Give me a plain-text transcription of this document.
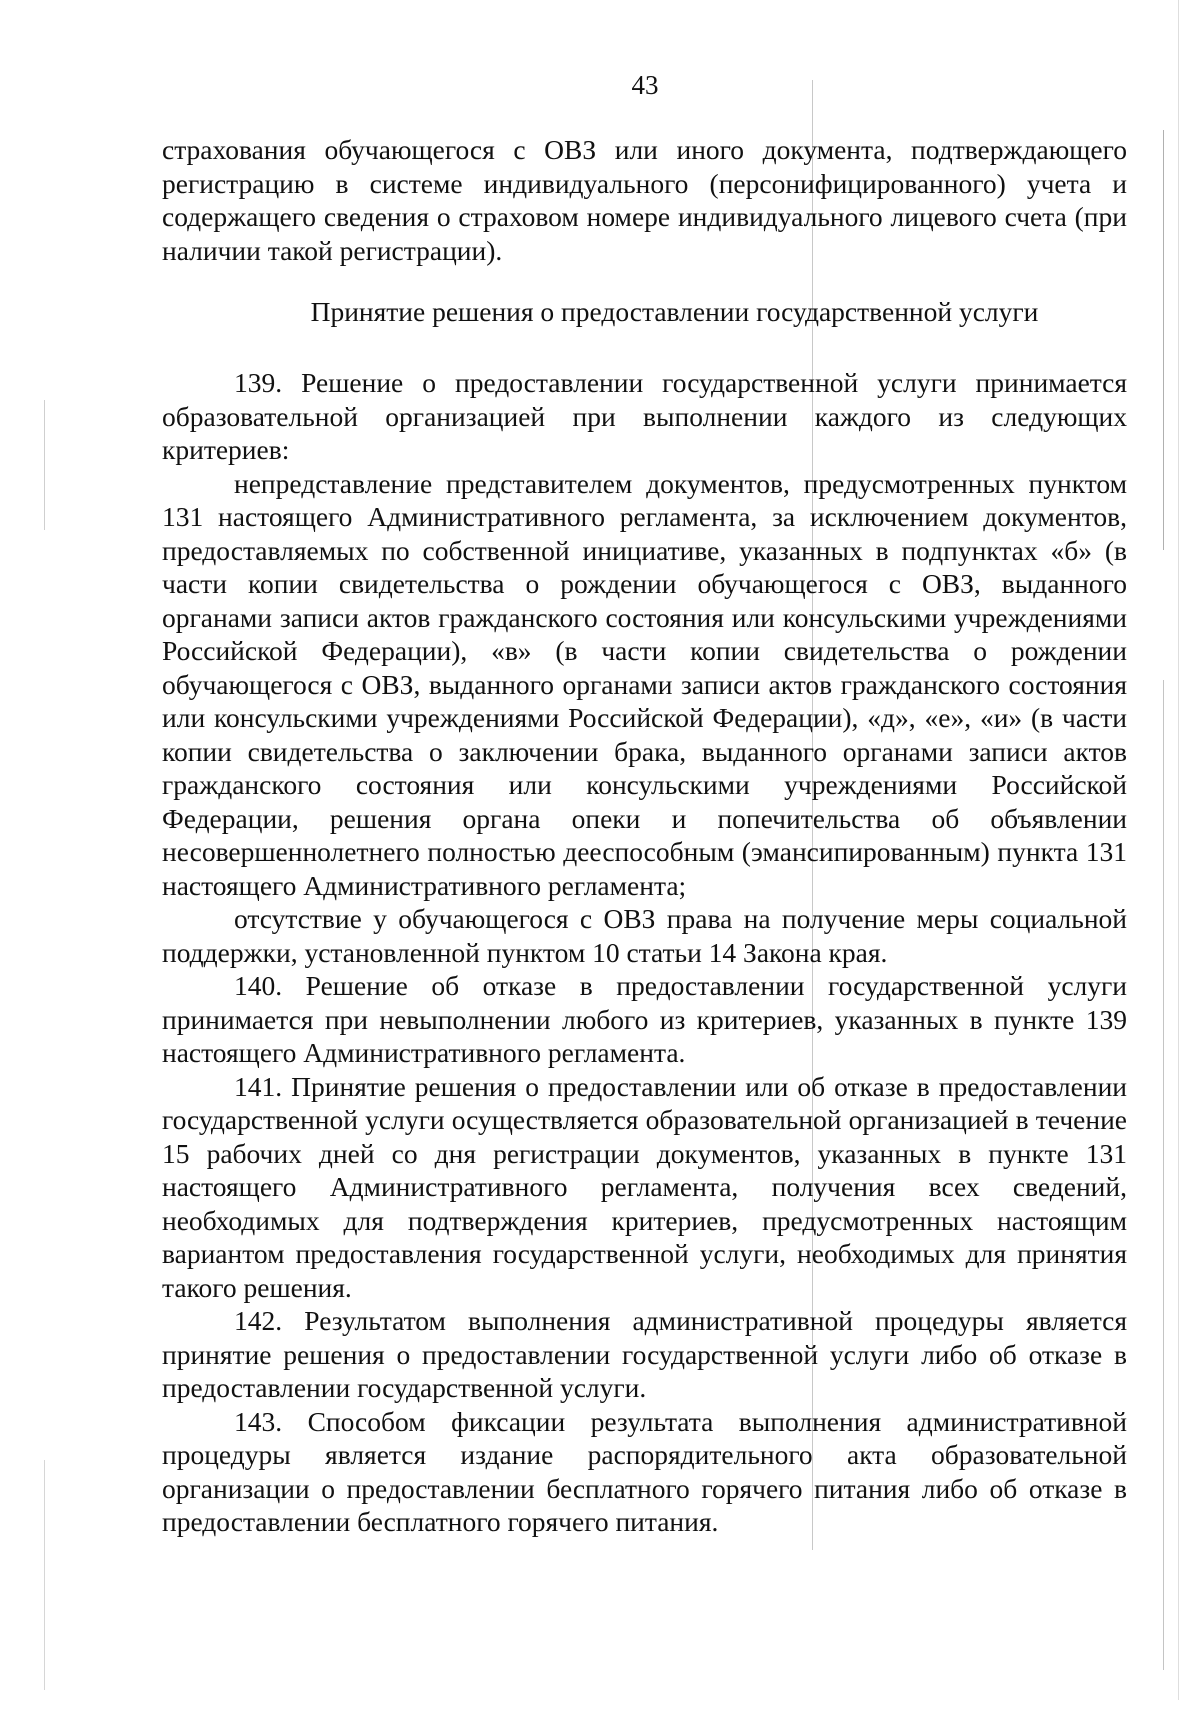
43

страхования обучающегося с ОВЗ или иного документа, подтверждающего регистрацию в системе индивидуального (персонифицированного) учета и содержащего сведения о страховом номере индивидуального лицевого счета (при наличии такой регистрации).

Принятие решения о предоставлении государственной услуги

139. Решение о предоставлении государственной услуги принимается образовательной организацией при выполнении каждого из следующих критериев:

непредставление представителем документов, предусмотренных пунктом 131 настоящего Административного регламента, за исключением документов, предоставляемых по собственной инициативе, указанных в подпунктах «б» (в части копии свидетельства о рождении обучающегося с ОВЗ, выданного органами записи актов гражданского состояния или консульскими учреждениями Российской Федерации), «в» (в части копии свидетельства о рождении обучающегося с ОВЗ, выданного органами записи актов гражданского состояния или консульскими учреждениями Российской Федерации), «д», «е», «и» (в части копии свидетельства о заключении брака, выданного органами записи актов гражданского состояния или консульскими учреждениями Российской Федерации, решения органа опеки и попечительства об объявлении несовершеннолетнего полностью дееспособным (эмансипированным) пункта 131 настоящего Административного регламента;

отсутствие у обучающегося с ОВЗ права на получение меры социальной поддержки, установленной пунктом 10 статьи 14 Закона края.

140. Решение об отказе в предоставлении государственной услуги принимается при невыполнении любого из критериев, указанных в пункте 139 настоящего Административного регламента.

141. Принятие решения о предоставлении или об отказе в предоставлении государственной услуги осуществляется образовательной организацией в течение 15 рабочих дней со дня регистрации документов, указанных в пункте 131 настоящего Административного регламента, получения всех сведений, необходимых для подтверждения критериев, предусмотренных настоящим вариантом предоставления государственной услуги, необходимых для принятия такого решения.

142. Результатом выполнения административной процедуры является принятие решения о предоставлении государственной услуги либо об отказе в предоставлении государственной услуги.

143. Способом фиксации результата выполнения административной процедуры является издание распорядительного акта образовательной организации о предоставлении бесплатного горячего питания либо об отказе в предоставлении бесплатного горячего питания.
